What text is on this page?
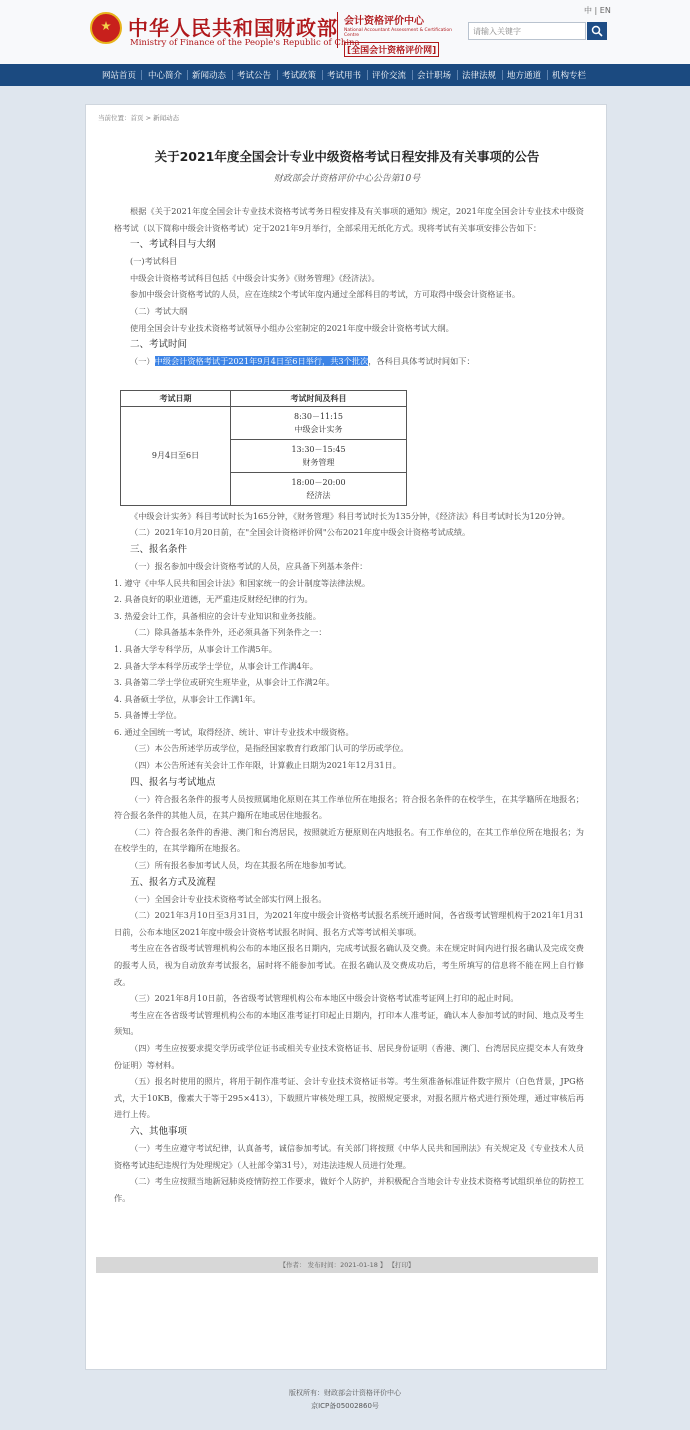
中华人民共和国财政部
Ministry of Finance of the People's Republic of China
会计资格评价中心
National Accountant Assessment & Certification Centre
[全国会计资格评价网]
中 | EN
请输入关键字
网站首页 中心简介 新闻动态 考试公告 考试政策 考试用书 评价交流 会计职场 法律法规 地方通道 机构专栏
当前位置：首页 > 新闻动态
关于2021年度全国会计专业中级资格考试日程安排及有关事项的公告
财政部会计资格评价中心公告第10号
根据《关于2021年度全国会计专业技术资格考试考务日程安排及有关事项的通知》规定，2021年度全国会计专业技术中级资格考试（以下简称中级会计资格考试）定于2021年9月举行，全部采用无纸化方式。现将考试有关事项安排公告如下：
一、考试科目与大纲
(一)考试科目
中级会计资格考试科目包括《中级会计实务》《财务管理》《经济法》。
参加中级会计资格考试的人员，应在连续2个考试年度内通过全部科目的考试，方可取得中级会计资格证书。
（二）考试大纲
使用全国会计专业技术资格考试领导小组办公室制定的2021年度中级会计资格考试大纲。
二、考试时间
（一）中级会计资格考试于2021年9月4日至6日举行，共3个批次，各科目具体考试时间如下：
考试日期	考试时间及科目
9月4日至6日	8:30－11:15
中级会计实务
	13:30－15:45
财务管理
	18:00－20:00
经济法
《中级会计实务》科目考试时长为165分钟，《财务管理》科目考试时长为135分钟，《经济法》科目考试时长为120分钟。
（二）2021年10月20日前，在"全国会计资格评价网"公布2021年度中级会计资格考试成绩。
三、报名条件
（一）报名参加中级会计资格考试的人员，应具备下列基本条件：
1. 遵守《中华人民共和国会计法》和国家统一的会计制度等法律法规。
2. 具备良好的职业道德，无严重违反财经纪律的行为。
3. 热爱会计工作，具备相应的会计专业知识和业务技能。
（二）除具备基本条件外，还必须具备下列条件之一：
1. 具备大学专科学历，从事会计工作满5年。
2. 具备大学本科学历或学士学位，从事会计工作满4年。
3. 具备第二学士学位或研究生班毕业，从事会计工作满2年。
4. 具备硕士学位，从事会计工作满1年。
5. 具备博士学位。
6. 通过全国统一考试，取得经济、统计、审计专业技术中级资格。
（三）本公告所述学历或学位，是指经国家教育行政部门认可的学历或学位。
（四）本公告所述有关会计工作年限，计算截止日期为2021年12月31日。
四、报名与考试地点
（一）符合报名条件的报考人员按照属地化原则在其工作单位所在地报名；符合报名条件的在校学生，在其学籍所在地报名；符合报名条件的其他人员，在其户籍所在地或居住地报名。
（二）符合报名条件的香港、澳门和台湾居民，按照就近方便原则在内地报名。有工作单位的，在其工作单位所在地报名；为在校学生的，在其学籍所在地报名。
（三）所有报名参加考试人员，均在其报名所在地参加考试。
五、报名方式及流程
（一）全国会计专业技术资格考试全部实行网上报名。
（二）2021年3月10日至3月31日，为2021年度中级会计资格考试报名系统开通时间，各省级考试管理机构于2021年1月31日前，公布本地区2021年度中级会计资格考试报名时间、报名方式等考试相关事项。
考生应在各省级考试管理机构公布的本地区报名日期内，完成考试报名确认及交费。未在规定时间内进行报名确认及完成交费的报考人员，视为自动放弃考试报名，届时将不能参加考试。在报名确认及交费成功后，考生所填写的信息将不能在网上自行修改。
（三）2021年8月10日前，各省级考试管理机构公布本地区中级会计资格考试准考证网上打印的起止时间。
考生应在各省级考试管理机构公布的本地区准考证打印起止日期内，打印本人准考证，确认本人参加考试的时间、地点及考生须知。
（四）考生应按要求提交学历或学位证书或相关专业技术资格证书、居民身份证明（香港、澳门、台湾居民应提交本人有效身份证明）等材料。
（五）报名时使用的照片，将用于制作准考证、会计专业技术资格证书等。考生须准备标准证件数字照片（白色背景，JPG格式，大于10KB，像素大于等于295×413），下载照片审核处理工具，按照规定要求，对报名照片格式进行预处理，通过审核后再进行上传。
六、其他事项
（一）考生应遵守考试纪律，认真备考，诚信参加考试。有关部门将按照《中华人民共和国刑法》有关规定及《专业技术人员资格考试违纪违规行为处理规定》（人社部令第31号），对违法违规人员进行处理。
（二）考生应按照当地新冠肺炎疫情防控工作要求，做好个人防护，并积极配合当地会计专业技术资格考试组织单位的防控工作。
【作者： 发布时间：2021-01-18 】 【打印】
版权所有：财政部会计资格评价中心
京ICP备05002860号
